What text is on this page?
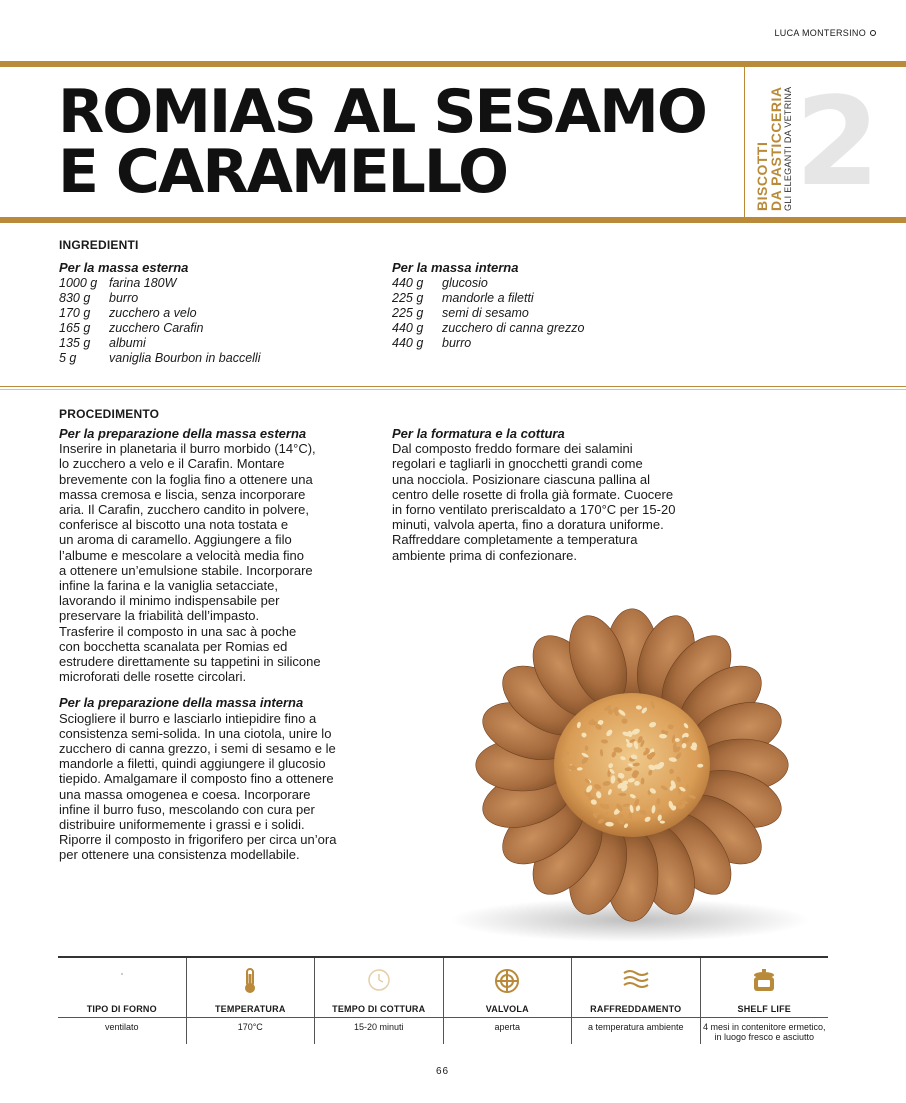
LUCA MONTERSINO
ROMIAS AL SESAMO
E CARAMELLO	2
BISCOTTI
DA PASTICCERIA GLI ELEGANTI DA VETRINA
INGREDIENTI
Per la massa esterna
1000 g farina 180W
830 g	burro
170 g	zucchero a velo
165 g	zucchero Carafin
135 g	albumi
5 g	vaniglia Bourbon in baccelli
Per la massa interna
440 g	glucosio
225 g	mandorle a filetti
225 g	semi di sesamo
440 g	zucchero di canna grezzo
440 g	burro
PROCEDIMENTO
Per la preparazione della massa esterna
Inserire in planetaria il burro morbido (14°C),
lo zucchero a velo e il Carafin. Montare
brevemente con la foglia fino a ottenere una
massa cremosa e liscia, senza incorporare
aria. Il Carafin, zucchero candito in polvere,
conferisce al biscotto una nota tostata e
un aroma di caramello. Aggiungere a filo
l’albume e mescolare a velocità media fino
a ottenere un’emulsione stabile. Incorporare
infine la farina e la vaniglia setacciate,
lavorando il minimo indispensabile per
preservare la friabilità dell’impasto.
Trasferire il composto in una sac à poche
con bocchetta scanalata per Romias ed
estrudere direttamente su tappetini in silicone
microforati delle rosette circolari.
Per la preparazione della massa interna
Sciogliere il burro e lasciarlo intiepidire fino a
consistenza semi-solida. In una ciotola, unire lo
zucchero di canna grezzo, i semi di sesamo e le
mandorle a filetti, quindi aggiungere il glucosio
tiepido. Amalgamare il composto fino a ottenere
una massa omogenea e coesa. Incorporare
infine il burro fuso, mescolando con cura per
distribuire uniformemente i grassi e i solidi.
Riporre il composto in frigorifero per circa un’ora
per ottenere una consistenza modellabile.
Per la formatura e la cottura
Dal composto freddo formare dei salamini
regolari e tagliarli in gnocchetti grandi come
una nocciola. Posizionare ciascuna pallina al
centro delle rosette di frolla già formate. Cuocere
in forno ventilato preriscaldato a 170°C per 15-20
minuti, valvola aperta, fino a doratura uniforme.
Raffreddare completamente a temperatura
ambiente prima di confezionare.
TIPO DI FORNO	TEMPERATURA	TEMPO DI COTTURA	VALVOLA	RAFFREDDAMENTO	SHELF LIFE
ventilato	170°C	15-20 minuti	aperta	a temperatura ambiente	4 mesi in contenitore ermetico, in luogo fresco e asciutto
66
